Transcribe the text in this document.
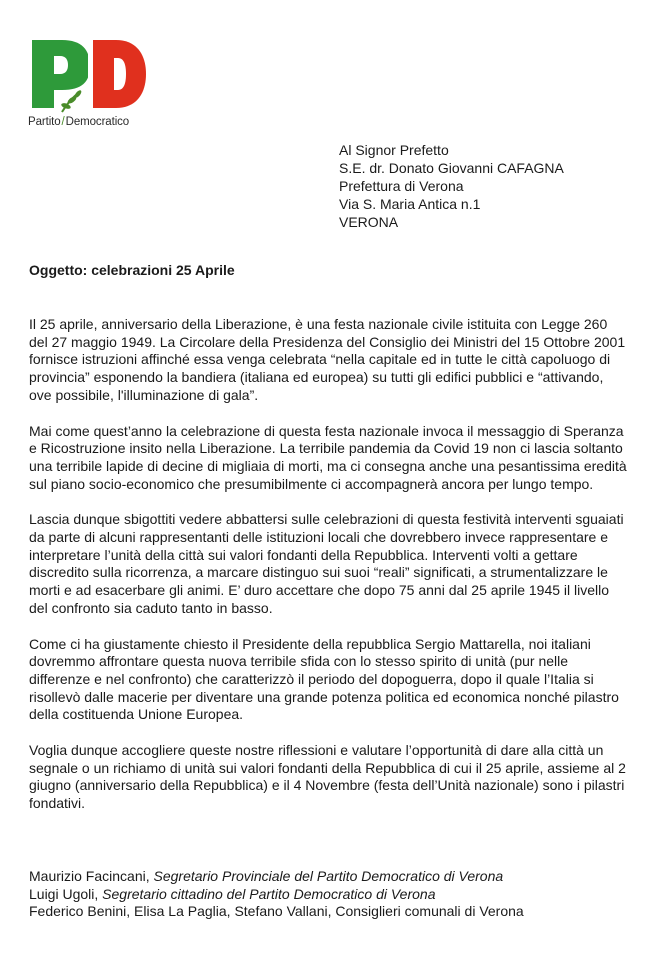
Partito/Democratico
Al Signor Prefetto
S.E. dr. Donato Giovanni CAFAGNA
Prefettura di Verona
Via S. Maria Antica n.1
VERONA
Oggetto: celebrazioni 25 Aprile

Il 25 aprile, anniversario della Liberazione, è una festa nazionale civile istituita con Legge 260 del 27 maggio 1949. La Circolare della Presidenza del Consiglio dei Ministri del 15 Ottobre 2001 fornisce istruzioni affinché essa venga celebrata “nella capitale ed in tutte le città capoluogo di provincia” esponendo la bandiera (italiana ed europea) su tutti gli edifici pubblici e “attivando, ove possibile, l'illuminazione di gala”.

Mai come quest’anno la celebrazione di questa festa nazionale invoca il messaggio di Speranza e Ricostruzione insito nella Liberazione. La terribile pandemia da Covid 19 non ci lascia soltanto una terribile lapide di decine di migliaia di morti, ma ci consegna anche una pesantissima eredità sul piano socio-economico che presumibilmente ci accompagnerà ancora per lungo tempo.

Lascia dunque sbigottiti vedere abbattersi sulle celebrazioni di questa festività interventi sguaiati da parte di alcuni rappresentanti delle istituzioni locali che dovrebbero invece rappresentare e interpretare l’unità della città sui valori fondanti della Repubblica. Interventi volti a gettare discredito sulla ricorrenza, a marcare distinguo sui suoi “reali” significati, a strumentalizzare le morti e ad esacerbare gli animi. E’ duro accettare che dopo 75 anni dal 25 aprile 1945 il livello del confronto sia caduto tanto in basso.

Come ci ha giustamente chiesto il Presidente della repubblica Sergio Mattarella, noi italiani dovremmo affrontare questa nuova terribile sfida con lo stesso spirito di unità (pur nelle differenze e nel confronto) che caratterizzò il periodo del dopoguerra, dopo il quale l’Italia si risollevò dalle macerie per diventare una grande potenza politica ed economica nonché pilastro della costituenda Unione Europea.

Voglia dunque accogliere queste nostre riflessioni e valutare l’opportunità di dare alla città un segnale o un richiamo di unità sui valori fondanti della Repubblica di cui il 25 aprile, assieme al 2 giugno (anniversario della Repubblica) e il 4 Novembre (festa dell’Unità nazionale) sono i pilastri fondativi.

Maurizio Facincani, Segretario Provinciale del Partito Democratico di Verona
Luigi Ugoli, Segretario cittadino del Partito Democratico di Verona
Federico Benini, Elisa La Paglia, Stefano Vallani, Consiglieri comunali di Verona
